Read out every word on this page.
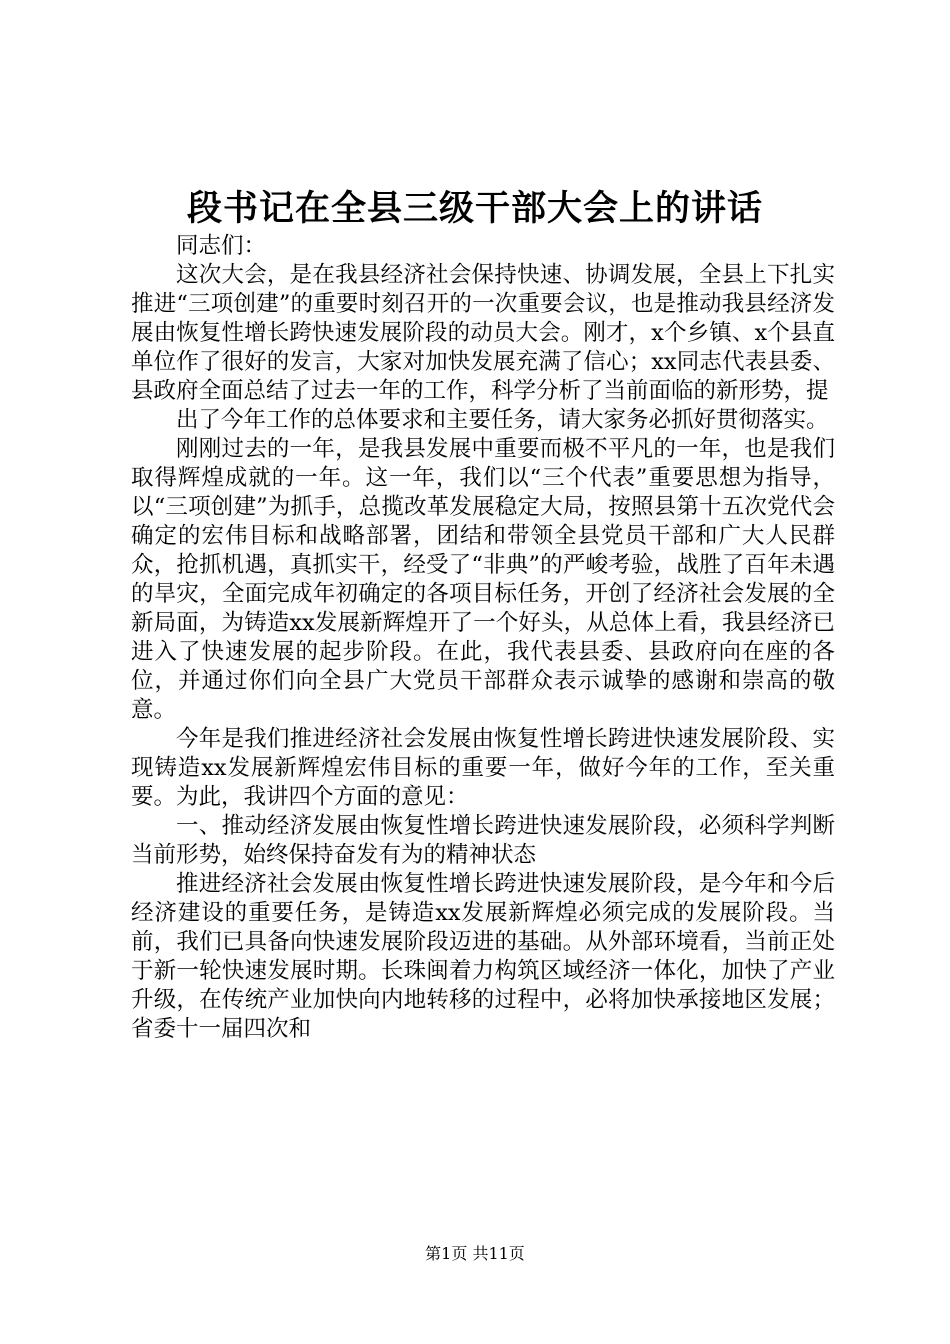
段书记在全县三级干部大会上的讲话

同志们：

这次大会，是在我县经济社会保持快速、协调发展，全县上下扎实推进“三项创建”的重要时刻召开的一次重要会议，也是推动我县经济发展由恢复性增长跨快速发展阶段的动员大会。刚才，x个乡镇、x个县直单位作了很好的发言，大家对加快发展充满了信心；xx同志代表县委、县政府全面总结了过去一年的工作，科学分析了当前面临的新形势，提

出了今年工作的总体要求和主要任务，请大家务必抓好贯彻落实。

刚刚过去的一年，是我县发展中重要而极不平凡的一年，也是我们取得辉煌成就的一年。这一年，我们以“三个代表”重要思想为指导，以“三项创建”为抓手，总揽改革发展稳定大局，按照县第十五次党代会确定的宏伟目标和战略部署，团结和带领全县党员干部和广大人民群众，抢抓机遇，真抓实干，经受了“非典”的严峻考验，战胜了百年未遇的旱灾，全面完成年初确定的各项目标任务，开创了经济社会发展的全新局面，为铸造xx发展新辉煌开了一个好头，从总体上看，我县经济已进入了快速发展的起步阶段。在此，我代表县委、县政府向在座的各位，并通过你们向全县广大党员干部群众表示诚挚的感谢和崇高的敬意。

今年是我们推进经济社会发展由恢复性增长跨进快速发展阶段、实现铸造xx发展新辉煌宏伟目标的重要一年，做好今年的工作，至关重要。为此，我讲四个方面的意见：

一、推动经济发展由恢复性增长跨进快速发展阶段，必须科学判断当前形势，始终保持奋发有为的精神状态

推进经济社会发展由恢复性增长跨进快速发展阶段，是今年和今后经济建设的重要任务，是铸造xx发展新辉煌必须完成的发展阶段。当前，我们已具备向快速发展阶段迈进的基础。从外部环境看，当前正处于新一轮快速发展时期。长珠闽着力构筑区域经济一体化，加快了产业升级，在传统产业加快向内地转移的过程中，必将加快承接地区发展；省委十一届四次和

第1页 共11页
